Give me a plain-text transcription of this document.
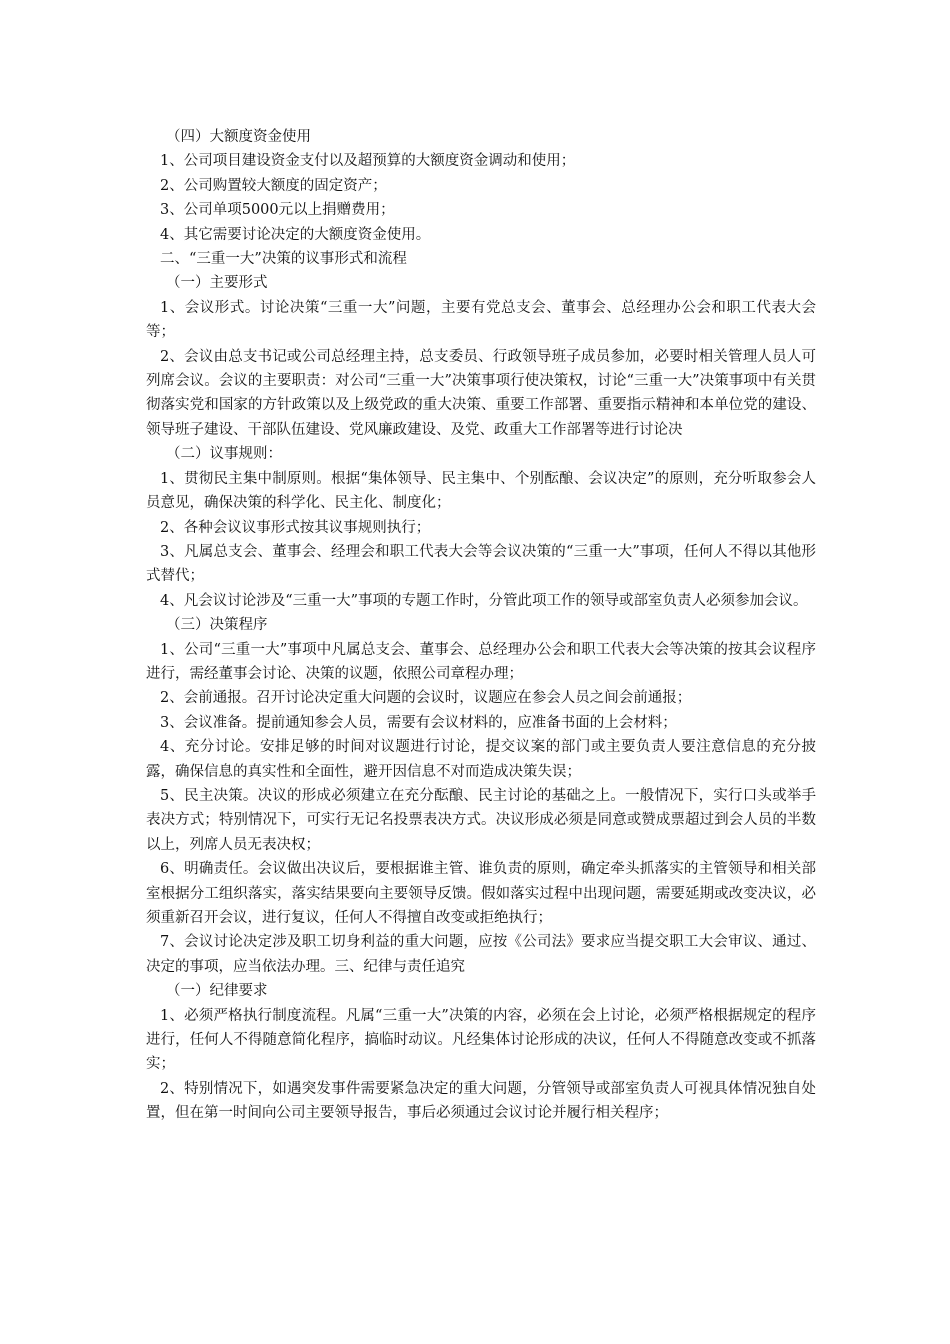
（四）大额度资金使用

1、公司项目建设资金支付以及超预算的大额度资金调动和使用；

2、公司购置较大额度的固定资产；

3、公司单项5000元以上捐赠费用；

4、其它需要讨论决定的大额度资金使用。

二、“三重一大”决策的议事形式和流程

（一）主要形式

1、会议形式。讨论决策“三重一大”问题，主要有党总支会、董事会、总经理办公会和职工代表大会等；

2、会议由总支书记或公司总经理主持，总支委员、行政领导班子成员参加，必要时相关管理人员人可列席会议。会议的主要职责：对公司“三重一大”决策事项行使决策权，讨论“三重一大”决策事项中有关贯彻落实党和国家的方针政策以及上级党政的重大决策、重要工作部署、重要指示精神和本单位党的建设、领导班子建设、干部队伍建设、党风廉政建设、及党、政重大工作部署等进行讨论决

（二）议事规则：

1、贯彻民主集中制原则。根据“集体领导、民主集中、个别酝酿、会议决定”的原则，充分听取参会人员意见，确保决策的科学化、民主化、制度化；

2、各种会议议事形式按其议事规则执行；

3、凡属总支会、董事会、经理会和职工代表大会等会议决策的“三重一大”事项，任何人不得以其他形式替代；

4、凡会议讨论涉及“三重一大”事项的专题工作时，分管此项工作的领导或部室负责人必须参加会议。

（三）决策程序

1、公司“三重一大”事项中凡属总支会、董事会、总经理办公会和职工代表大会等决策的按其会议程序进行，需经董事会讨论、决策的议题，依照公司章程办理；

2、会前通报。召开讨论决定重大问题的会议时，议题应在参会人员之间会前通报；

3、会议准备。提前通知参会人员，需要有会议材料的，应准备书面的上会材料；

4、充分讨论。安排足够的时间对议题进行讨论，提交议案的部门或主要负责人要注意信息的充分披露，确保信息的真实性和全面性，避开因信息不对而造成决策失误；

5、民主决策。决议的形成必须建立在充分酝酿、民主讨论的基础之上。一般情况下，实行口头或举手表决方式；特别情况下，可实行无记名投票表决方式。决议形成必须是同意或赞成票超过到会人员的半数以上，列席人员无表决权；

6、明确责任。会议做出决议后，要根据谁主管、谁负责的原则，确定牵头抓落实的主管领导和相关部室根据分工组织落实，落实结果要向主要领导反馈。假如落实过程中出现问题，需要延期或改变决议，必须重新召开会议，进行复议，任何人不得擅自改变或拒绝执行；

7、会议讨论决定涉及职工切身利益的重大问题，应按《公司法》要求应当提交职工大会审议、通过、决定的事项，应当依法办理。三、纪律与责任追究

（一）纪律要求

1、必须严格执行制度流程。凡属“三重一大”决策的内容，必须在会上讨论，必须严格根据规定的程序进行，任何人不得随意简化程序，搞临时动议。凡经集体讨论形成的决议，任何人不得随意改变或不抓落实；

2、特别情况下，如遇突发事件需要紧急决定的重大问题，分管领导或部室负责人可视具体情况独自处置，但在第一时间向公司主要领导报告，事后必须通过会议讨论并履行相关程序；
